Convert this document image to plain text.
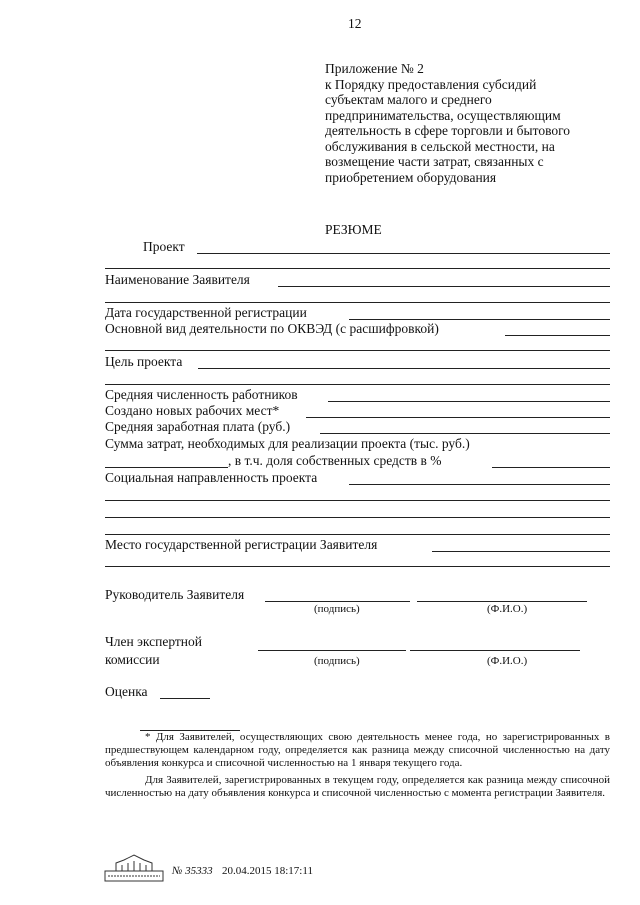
12
Приложение № 2
к Порядку предоставления субсидий
субъектам малого и среднего
предпринимательства, осуществляющим
деятельность в сфере торговли и бытового
обслуживания в сельской местности, на
возмещение части затрат, связанных с
приобретением оборудования
РЕЗЮМЕ
Проект
Наименование Заявителя
Дата государственной регистрации
Основной вид деятельности по ОКВЭД (с расшифровкой)
Цель проекта
Средняя численность работников
Создано новых рабочих мест*
Средняя заработная плата (руб.)
Сумма затрат, необходимых для реализации проекта (тыс. руб.)
, в т.ч. доля собственных средств в %
Социальная направленность проекта
Место государственной регистрации Заявителя
Руководитель Заявителя
(подпись)	(Ф.И.О.)
Член экспертной
комиссии	(подпись)	(Ф.И.О.)
Оценка

* Для Заявителей, осуществляющих свою деятельность менее года, но зарегистрированных в предшествующем календарном году, определяется как разница между списочной численностью на дату объявления конкурса и списочной численностью на 1 января текущего года.

Для Заявителей, зарегистрированных в текущем году, определяется как разница между списочной численностью на дату объявления конкурса и списочной численностью с момента регистрации Заявителя.

№ 35333 20.04.2015 18:17:11
